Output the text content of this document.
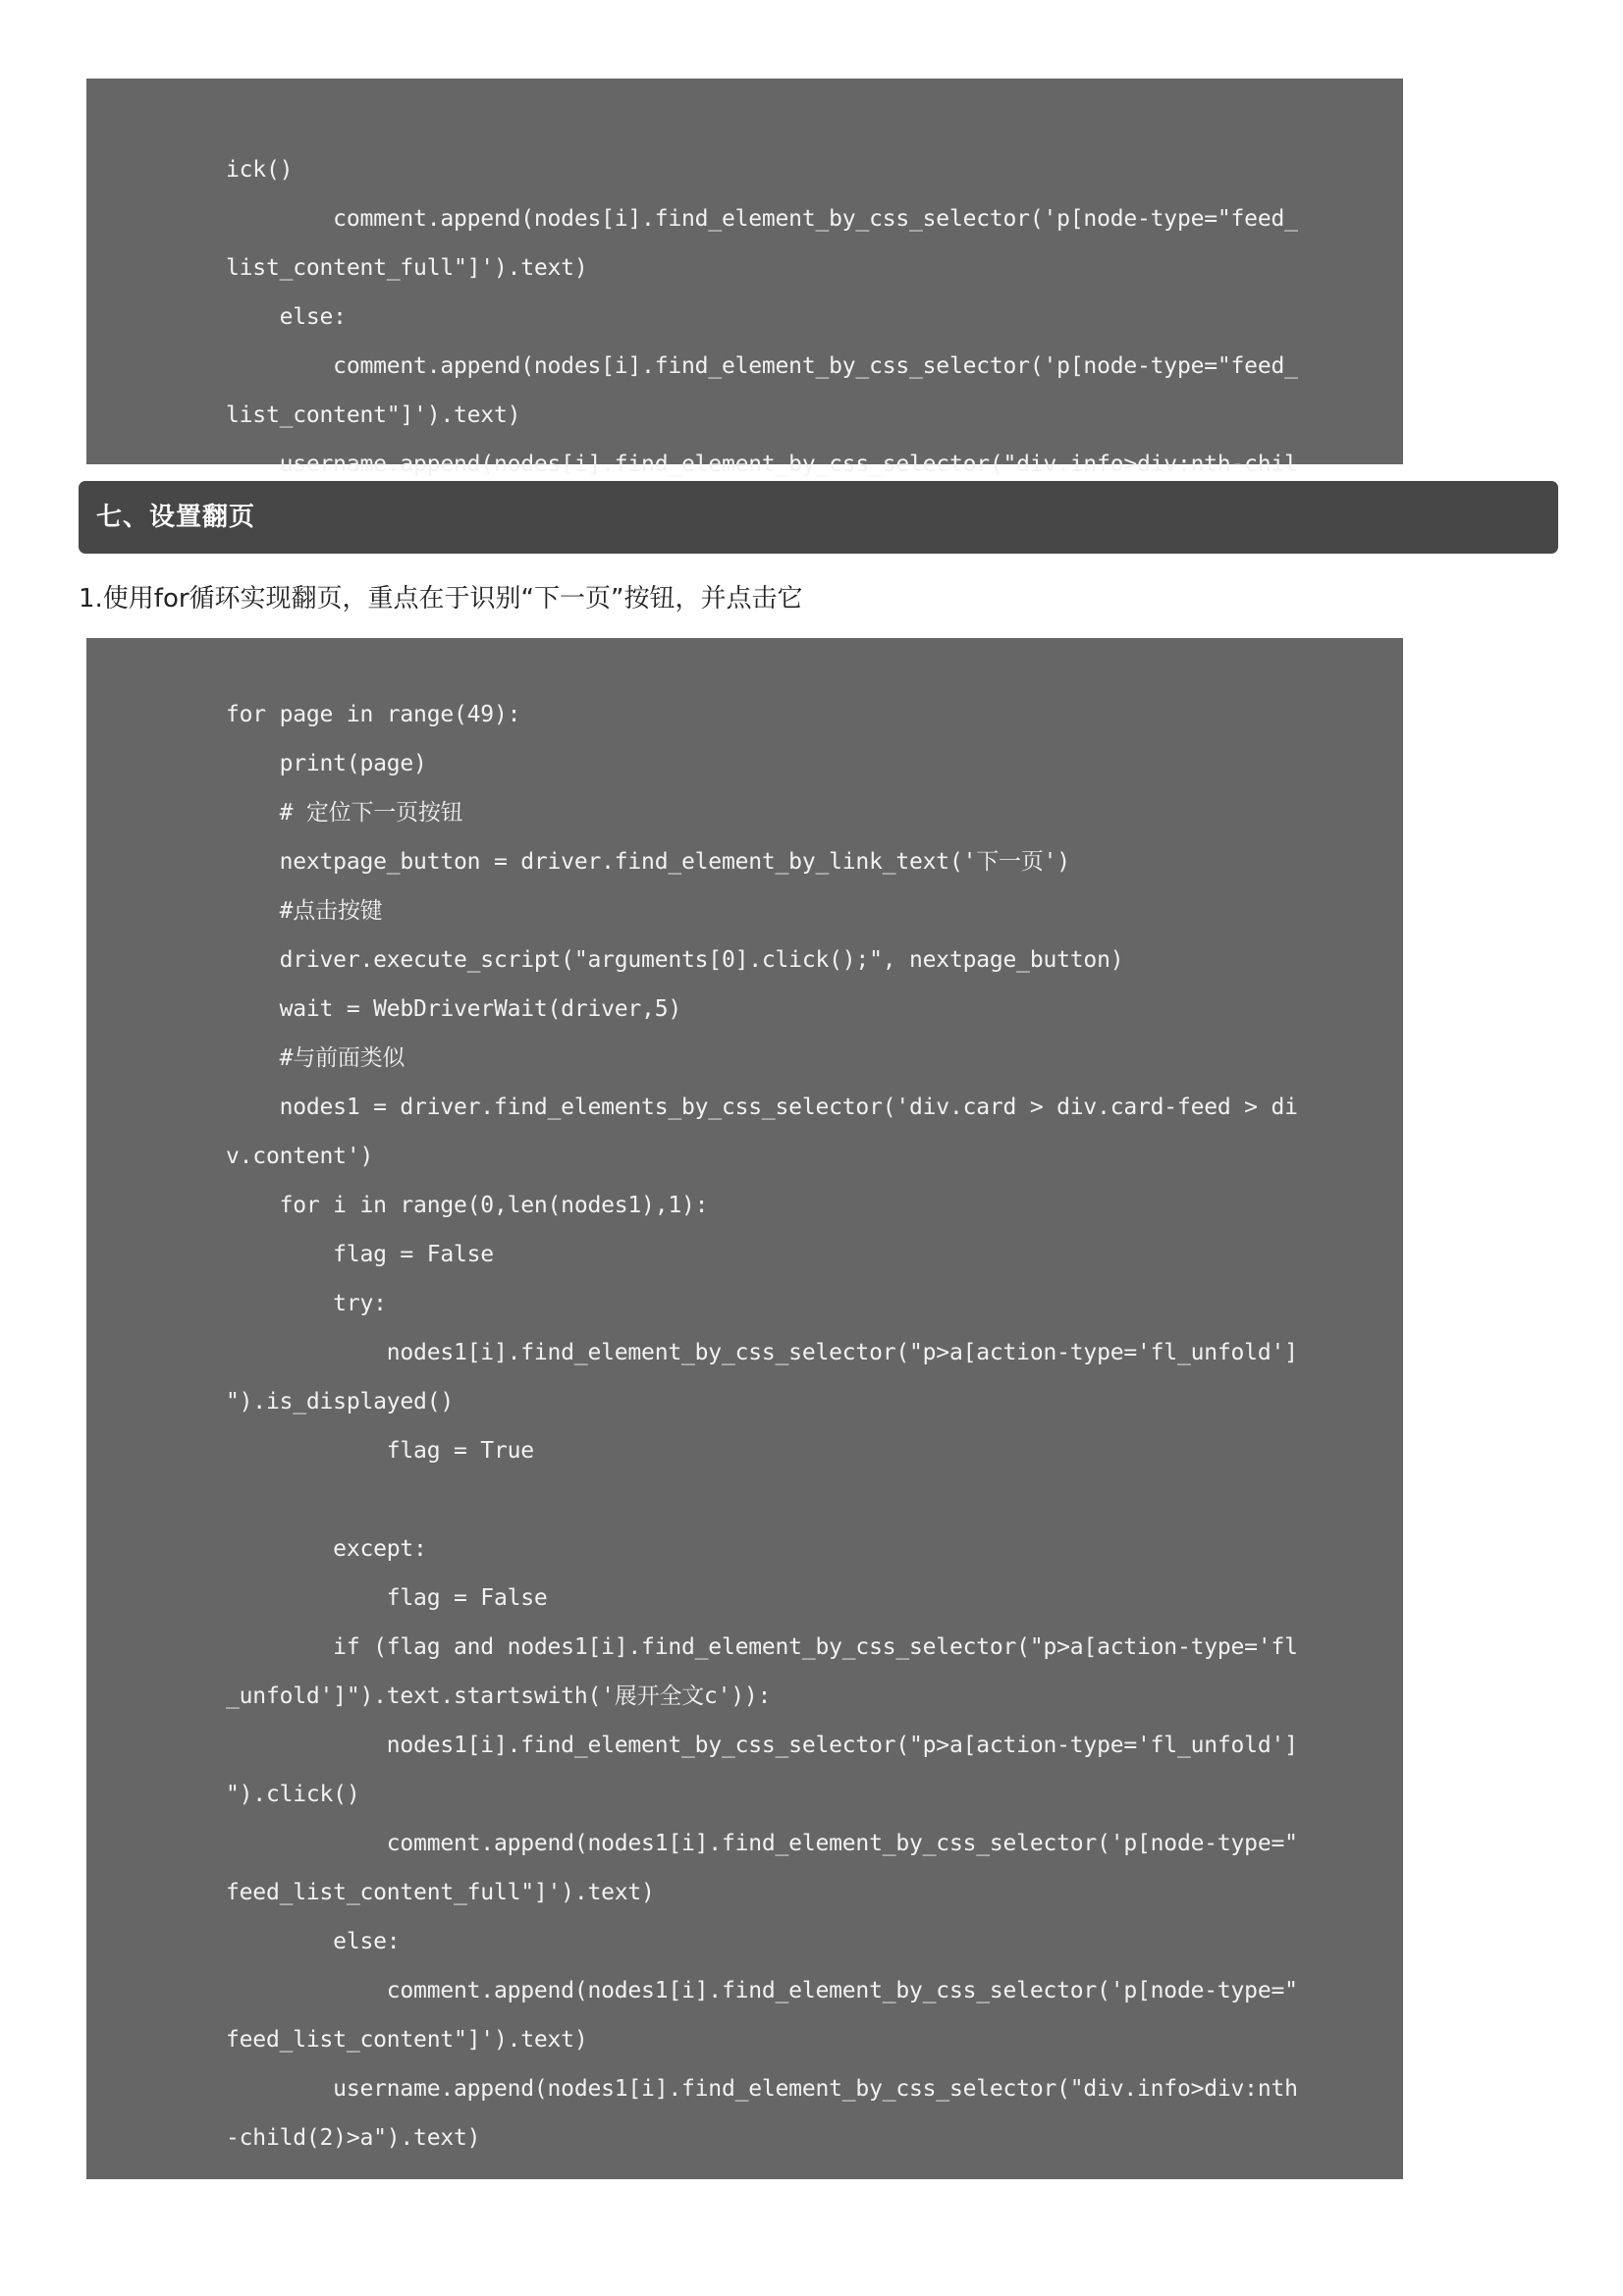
ick()
comment.append(nodes[i].find_element_by_css_selector('p[node-type="feed_
list_content_full"]').text)
else:
comment.append(nodes[i].find_element_by_css_selector('p[node-type="feed_
list_content"]').text)
username.append(nodes[i].find_element_by_css_selector("div.info>div:nth-chil
七、设置翻页
1.使用for循环实现翻页，重点在于识别“下一页”按钮，并点击它
for page in range(49):
print(page)
# 定位下一页按钮
nextpage_button = driver.find_element_by_link_text('下一页')
#点击按键
driver.execute_script("arguments[0].click();", nextpage_button)
wait = WebDriverWait(driver,5)
#与前面类似
nodes1 = driver.find_elements_by_css_selector('div.card > div.card-feed > di
v.content')
for i in range(0,len(nodes1),1):
flag = False
try:
nodes1[i].find_element_by_css_selector("p>a[action-type='fl_unfold']
").is_displayed()
flag = True
except:
flag = False
if (flag and nodes1[i].find_element_by_css_selector("p>a[action-type='fl
_unfold']").text.startswith('展开全文c')):
nodes1[i].find_element_by_css_selector("p>a[action-type='fl_unfold']
").click()
comment.append(nodes1[i].find_element_by_css_selector('p[node-type="
feed_list_content_full"]').text)
else:
comment.append(nodes1[i].find_element_by_css_selector('p[node-type="
feed_list_content"]').text)
username.append(nodes1[i].find_element_by_css_selector("div.info>div:nth
-child(2)>a").text)
